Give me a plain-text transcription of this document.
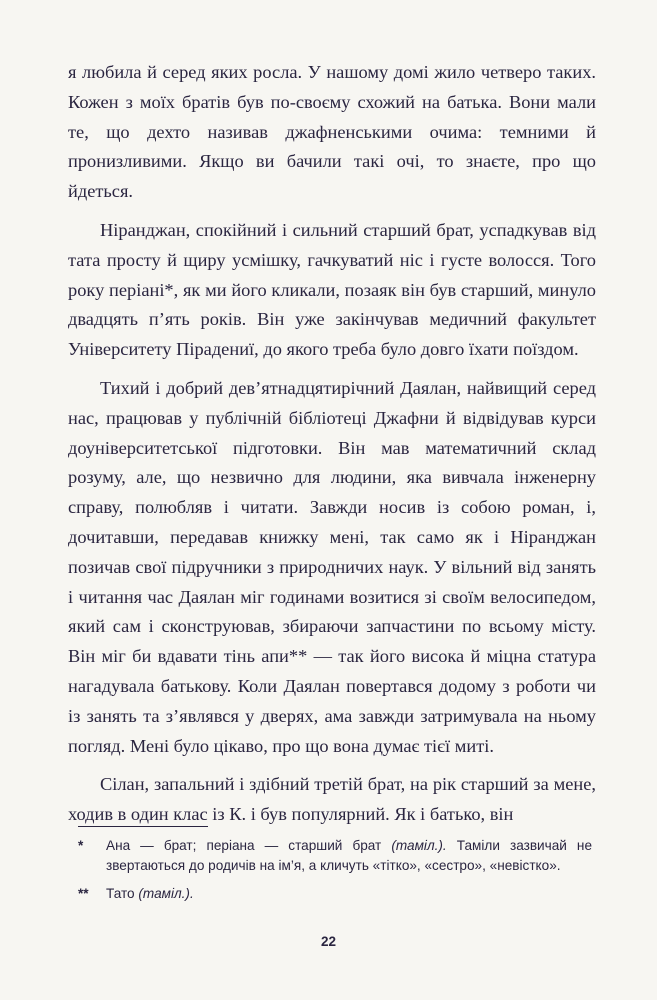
я любила й серед яких росла. У нашому домі жило четверо таких. Кожен з моїх братів був по-своєму схожий на батька. Вони мали те, що дехто називав джафненськими очима: темними й пронизливими. Якщо ви бачили такі очі, то знаєте, про що йдеться.

Ніранджан, спокійний і сильний старший брат, успадкував від тата просту й щиру усмішку, гачкуватий ніс і густе волосся. Того року періані*, як ми його кликали, позаяк він був старший, минуло двадцять п’ять років. Він уже закінчував медичний факультет Університету Пірадениї, до якого треба було довго їхати поїздом.

Тихий і добрий дев’ятнадцятирічний Даялан, найвищий серед нас, працював у публічній бібліотеці Джафни й відвідував курси доуніверситетської підготовки. Він мав математичний склад розуму, але, що незвично для людини, яка вивчала інженерну справу, полюбляв і читати. Завжди носив із собою роман, і, дочитавши, передавав книжку мені, так само як і Ніранджан позичав свої підручники з природничих наук. У вільний від занять і читання час Даялан міг годинами возитися зі своїм велосипедом, який сам і сконструював, збираючи запчастини по всьому місту. Він міг би вдавати тінь апи** — так його висока й міцна статура нагадувала батькову. Коли Даялан повертався додому з роботи чи із занять та з’являвся у дверях, ама завжди затримувала на ньому погляд. Мені було цікаво, про що вона думає тієї миті.

Сілан, запальний і здібний третій брат, на рік старший за мене, ходив в один клас із К. і був популярний. Як і батько, він

*	Ана — брат; періана — старший брат (таміл.). Таміли зазвичай не звертаються до родичів на ім’я, а кличуть «тітко», «сестро», «невістко».
**	Тато (таміл.).
22
